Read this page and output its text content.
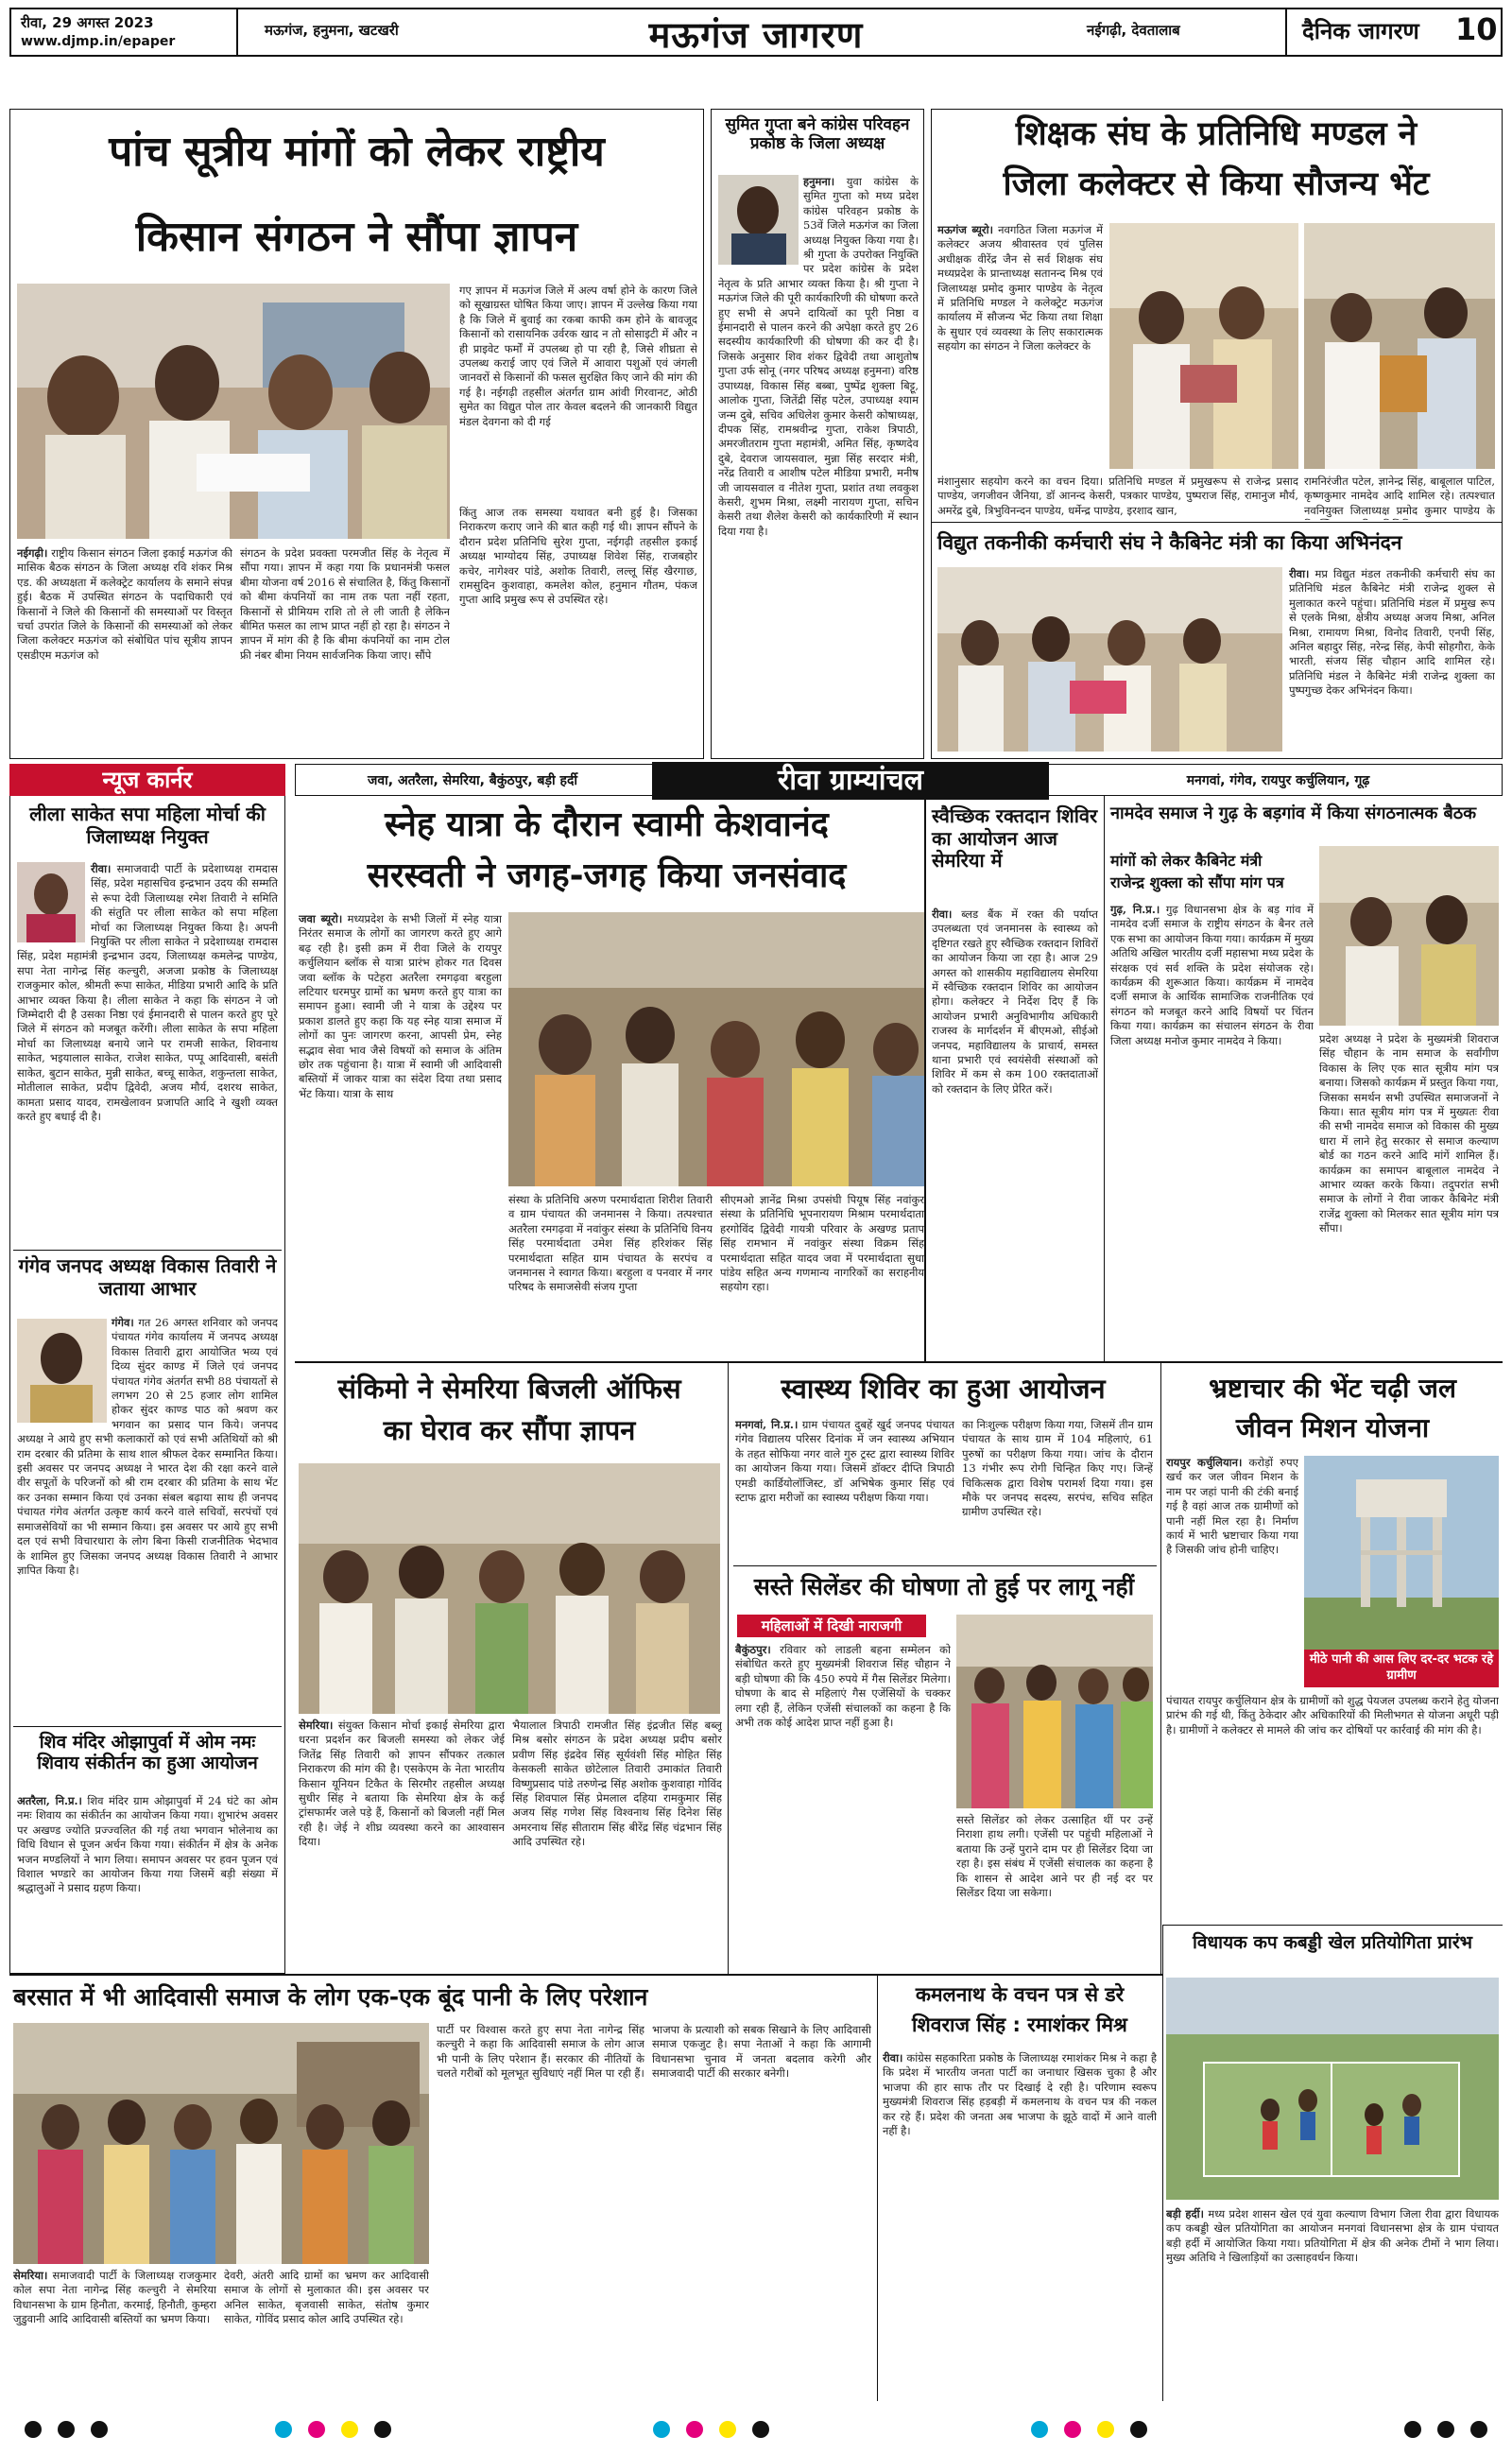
रीवा, 29 अगस्त 2023
www.djmp.in/epaper
मऊगंज, हनुमना, खटखरी	मऊगंज जागरण	नईगढ़ी, देवतालाब	दैनिक जागरण 10
पांच सूत्रीय मांगों को लेकर राष्ट्रीय
किसान संगठन ने सौंपा ज्ञापन
नईगढ़ी। राष्ट्रीय किसान संगठन जिला इकाई मऊगंज की मासिक बैठक संगठन के जिला अध्यक्ष रवि शंकर मिश्र एड. की अध्यक्षता में कलेक्ट्रेट कार्यालय के समाने संपन्न हुई। बैठक में उपस्थित संगठन के पदाधिकारी एवं किसानों ने जिले की किसानों की समस्याओं पर विस्तृत चर्चा उपरांत जिले के किसानों की समस्याओं को लेकर जिला कलेक्टर मऊगंज को संबोधित पांच सूत्रीय ज्ञापन एसडीएम मऊगंज को
संगठन के प्रदेश प्रवक्ता परमजीत सिंह के नेतृत्व में सौंपा गया। ज्ञापन में कहा गया कि प्रधानमंत्री फसल बीमा योजना वर्ष 2016 से संचालित है, किंतु किसानों को बीमा कंपनियों का नाम तक पता नहीं रहता, किसानों से प्रीमियम राशि तो ले ली जाती है लेकिन बीमित फसल का लाभ प्राप्त नहीं हो रहा है। संगठन ने ज्ञापन में मांग की है कि बीमा कंपनियों का नाम टोल फ्री नंबर बीमा नियम सार्वजनिक किया जाए। सौंपे
गए ज्ञापन में मऊगंज जिले में अल्प वर्षा होने के कारण जिले को सूखाग्रस्त घोषित किया जाए। ज्ञापन में उल्लेख किया गया है कि जिले में बुवाई का रकबा काफी कम होने के बावजूद किसानों को रासायनिक उर्वरक खाद न तो सोसाइटी में और न ही प्राइवेट फर्मों में उपलब्ध हो पा रही है, जिसे शीघ्रता से उपलब्ध कराई जाए एवं जिले में आवारा पशुओं एवं जंगली जानवरों से किसानों की फसल सुरक्षित किए जाने की मांग की गई है। नईगढ़ी तहसील अंतर्गत ग्राम आंवी गिरवानट, ओठी सुमेत का विद्युत पोल तार केवल बदलने की जानकारी विद्युत मंडल देवगना को दी गई
किंतु आज तक समस्या यथावत बनी हुई है। जिसका निराकरण कराए जाने की बात कही गई थी। ज्ञापन सौंपने के दौरान प्रदेश प्रतिनिधि सुरेश गुप्ता, नईगढ़ी तहसील इकाई अध्यक्ष भाग्योदय सिंह, उपाध्यक्ष शिवेश सिंह, राजबहोर कचेर, नागेश्वर पांडे, अशोक तिवारी, लल्लू सिंह खैरगाछ, रामसुदिन कुशवाहा, कमलेश कोल, हनुमान गौतम, पंकज गुप्ता आदि प्रमुख रूप से उपस्थित रहे।
सुमित गुप्ता बने कांग्रेस परिवहन प्रकोष्ठ के जिला अध्यक्ष
हनुमना। युवा कांग्रेस के सुमित गुप्ता को मध्य प्रदेश कांग्रेस परिवहन प्रकोष्ठ के 53वें जिले मऊगंज का जिला अध्यक्ष नियुक्त किया गया है। श्री गुप्ता के उपरोक्त नियुक्ति पर प्रदेश कांग्रेस के प्रदेश नेतृत्व के प्रति आभार व्यक्त किया है। श्री गुप्ता ने मऊगंज जिले की पूरी कार्यकारिणी की घोषणा करते हुए सभी से अपने दायित्वों का पूरी निष्ठा व ईमानदारी से पालन करने की अपेक्षा करते हुए 26 सदस्यीय कार्यकारिणी की घोषणा की कर दी है। जिसके अनुसार शिव शंकर द्विवेदी तथा आशुतोष गुप्ता उर्फ सोनू (नगर परिषद अध्यक्ष हनुमना) वरिष्ठ उपाध्यक्ष, विकास सिंह बब्बा, पुष्पेंद्र शुक्ला बिट्टू, आलोक गुप्ता, जितेंद्री सिंह पटेल, उपाध्यक्ष श्याम जन्म दुबे, सचिव अधिलेश कुमार केसरी कोषाध्यक्ष, दीपक सिंह, रामश्रवीन्द्र गुप्ता, राकेश त्रिपाठी, अमरजीतराम गुप्ता महामंत्री, अमित सिंह, कृष्णदेव दुबे, देवराज जायसवाल, मुन्ना सिंह सरदार मंत्री, नरेंद्र तिवारी व आशीष पटेल मीडिया प्रभारी, मनीष जी जायसवाल व नीतेश गुप्ता, प्रशांत तथा लवकुश केसरी, शुभम मिश्रा, लक्ष्मी नारायण गुप्ता, सचिन केसरी तथा शैलेश केसरी को कार्यकारिणी में स्थान दिया गया है।
शिक्षक संघ के प्रतिनिधि मण्डल ने
जिला कलेक्टर से किया सौजन्य भेंट
मऊगंज ब्यूरो। नवगठित जिला मऊगंज में कलेक्टर अजय श्रीवास्तव एवं पुलिस अधीक्षक वीरेंद्र जैन से सर्व शिक्षक संघ मध्यप्रदेश के प्रान्ताध्यक्ष सतानन्द मिश्र एवं जिलाध्यक्ष प्रमोद कुमार पाण्डेय के नेतृत्व में प्रतिनिधि मण्डल ने कलेक्ट्रेट मऊगंज कार्यालय में सौजन्य भेंट किया तथा शिक्षा के सुधार एवं व्यवस्था के लिए सकारात्मक सहयोग का संगठन ने जिला कलेक्टर के
मंशानुसार सहयोग करने का वचन दिया। प्रतिनिधि मण्डल में प्रमुखरूप से राजेन्द्र प्रसाद पाण्डेय, जगजीवन जैनिया, डॉ आनन्द केसरी, पत्रकार पाण्डेय, पुष्पराज सिंह, रामानुज मौर्य, अमरेंद्र दुबे, त्रिभुविनन्दन पाण्डेय, धर्मेन्द्र पाण्डेय, इरशाद खान,
रामनिरंजीत पटेल, ज्ञानेन्द्र सिंह, बाबूलाल पाटिल, कृष्णकुमार नामदेव आदि शामिल रहे। तत्पश्चात नवनियुक्त जिलाध्यक्ष प्रमोद कुमार पाण्डेय के
विद्युत तकनीकी कर्मचारी संघ ने कैबिनेट मंत्री का किया अभिनंदन
रीवा। मप्र विद्युत मंडल तकनीकी कर्मचारी संघ का प्रतिनिधि मंडल कैबिनेट मंत्री राजेन्द्र शुक्ल से मुलाकात करने पहुंचा। प्रतिनिधि मंडल में प्रमुख रूप से एलके मिश्रा, क्षेत्रीय अध्यक्ष अजय मिश्रा, अनिल मिश्रा, रामायण मिश्रा, विनोद तिवारी, एनपी सिंह, अनिल बहादुर सिंह, नरेन्द्र सिंह, केपी सोहगौरा, केके भारती, संजय सिंह चौहान आदि शामिल रहे। प्रतिनिधि मंडल ने कैबिनेट मंत्री राजेन्द्र शुक्ला का पुष्पगुच्छ देकर अभिनंदन किया।
न्यूज कार्नर	जवा, अतरैला, सेमरिया, बैकुंठपुर, बड़ी हर्दी	रीवा ग्राम्यांचल	मनगवां, गंगेव, रायपुर कर्चुलियान, गूढ़
लीला साकेत सपा महिला मोर्चा की जिलाध्यक्ष नियुक्त
रीवा। समाजवादी पार्टी के प्रदेशाध्यक्ष रामदास सिंह, प्रदेश महासचिव इन्द्रभान उदय की सम्मति से रूपा देवी जिलाध्यक्ष रमेश तिवारी ने समिति की संतुति पर लीला साकेत को सपा महिला मोर्चा का जिलाध्यक्ष नियुक्त किया है। अपनी नियुक्ति पर लीला साकेत ने प्रदेशाध्यक्ष रामदास सिंह, प्रदेश महामंत्री इन्द्रभान उदय, जिलाध्यक्ष कमलेन्द्र पाण्डेय, सपा नेता नागेन्द्र सिंह कल्चुरी, अजजा प्रकोष्ठ के जिलाध्यक्ष राजकुमार कोल, श्रीमती रूपा साकेत, मीडिया प्रभारी आदि के प्रति आभार व्यक्त किया है। लीला साकेत ने कहा कि संगठन ने जो जिम्मेदारी दी है उसका निष्ठा एवं ईमानदारी से पालन करते हुए पूरे जिले में संगठन को मजबूत करेंगी। लीला साकेत के सपा महिला मोर्चा का जिलाध्यक्ष बनाये जाने पर रामजी साकेत, शिवनाथ साकेत, भइयालाल साकेत, राजेश साकेत, पप्पू आदिवासी, बसंती साकेत, बुटान साकेत, मुन्नी साकेत, बच्चू साकेत, शकुन्तला साकेत, मोतीलाल साकेत, प्रदीप द्विवेदी, अजय मौर्य, दशरथ साकेत, कामता प्रसाद यादव, रामखेलावन प्रजापति आदि ने खुशी व्यक्त करते हुए बधाई दी है।
गंगेव जनपद अध्यक्ष विकास तिवारी ने जताया आभार
गंगेव। गत 26 अगस्त शनिवार को जनपद पंचायत गंगेव कार्यालय में जनपद अध्यक्ष विकास तिवारी द्वारा आयोजित भव्य एवं दिव्य सुंदर काण्ड में जिले एवं जनपद पंचायत गंगेव अंतर्गत सभी 88 पंचायतों से लगभग 20 से 25 हजार लोग शामिल होकर सुंदर काण्ड पाठ को श्रवण कर भगवान का प्रसाद पान किये। जनपद अध्यक्ष ने आये हुए सभी कलाकारों को एवं सभी अतिथियों को श्री राम दरबार की प्रतिमा के साथ शाल श्रीफल देकर सम्मानित किया। इसी अवसर पर जनपद अध्यक्ष ने भारत देश की रक्षा करने वाले वीर सपूतों के परिजनों को श्री राम दरबार की प्रतिमा के साथ भेंट कर उनका सम्मान किया एवं उनका संबल बढ़ाया साथ ही जनपद पंचायत गंगेव अंतर्गत उत्कृष्ट कार्य करने वाले सचिवों, सरपंचों एवं समाजसेवियों का भी सम्मान किया। इस अवसर पर आये हुए सभी दल एवं सभी विचारधारा के लोग बिना किसी राजनीतिक भेदभाव के शामिल हुए जिसका जनपद अध्यक्ष विकास तिवारी ने आभार ज्ञापित किया है।
शिव मंदिर ओझापुर्वा में ओम नमः शिवाय संकीर्तन का हुआ आयोजन
अतरैला, नि.प्र.। शिव मंदिर ग्राम ओझापुर्वा में 24 घंटे का ओम नमः शिवाय का संकीर्तन का आयोजन किया गया। शुभारंभ अवसर पर अखण्ड ज्योति प्रज्ज्वलित की गई तथा भगवान भोलेनाथ का विधि विधान से पूजन अर्चन किया गया। संकीर्तन में क्षेत्र के अनेक भजन मण्डलियों ने भाग लिया। समापन अवसर पर हवन पूजन एवं विशाल भण्डारे का आयोजन किया गया जिसमें बड़ी संख्या में श्रद्धालुओं ने प्रसाद ग्रहण किया।
स्नेह यात्रा के दौरान स्वामी केशवानंद
सरस्वती ने जगह-जगह किया जनसंवाद
जवा ब्यूरो। मध्यप्रदेश के सभी जिलों में स्नेह यात्रा निरंतर समाज के लोगों का जागरण करते हुए आगे बढ़ रही है। इसी क्रम में रीवा जिले के रायपुर कर्चुलियान ब्लॉक से यात्रा प्रारंभ होकर गत दिवस जवा ब्लॉक के पटेहरा अतरैला रमगढ़वा बरहुला लटियार धरमपुर ग्रामों का भ्रमण करते हुए यात्रा का समापन हुआ। स्वामी जी ने यात्रा के उद्देश्य पर प्रकाश डालते हुए कहा कि यह स्नेह यात्रा समाज में लोगों का पुनः जागरण करना, आपसी प्रेम, स्नेह सद्भाव सेवा भाव जैसे विषयों को समाज के अंतिम छोर तक पहुंचाना है। यात्रा में स्वामी जी आदिवासी बस्तियों में जाकर यात्रा का संदेश दिया तथा प्रसाद भेंट किया। यात्रा के साथ
संस्था के प्रतिनिधि अरुण परमार्थदाता शिरीश तिवारी व ग्राम पंचायत की जनमानस ने किया। तत्पश्चात अतरैला रमगढ़वा में नवांकुर संस्था के प्रतिनिधि विनय सिंह परमार्थदाता उमेश सिंह हरिशंकर सिंह परमार्थदाता सहित ग्राम पंचायत के सरपंच व जनमानस ने स्वागत किया। बरहुला व पनवार में नगर परिषद के समाजसेवी संजय गुप्ता
सीएमओ ज्ञानेंद्र मिश्रा उपसंघी पियूष सिंह नवांकुर संस्था के प्रतिनिधि भूपनारायण मिश्राम परमार्थदाता हरगोविंद द्विवेदी गायत्री परिवार के अखण्ड प्रताप सिंह रामभान में नवांकुर संस्था विक्रम सिंह परमार्थदाता सहित यादव जवा में परमार्थदाता सुधा पांडेय सहित अन्य गणमान्य नागरिकों का सराहनीय सहयोग रहा।
स्वैच्छिक रक्तदान शिविर का आयोजन आज सेमरिया में
रीवा। ब्लड बैंक में रक्त की पर्याप्त उपलब्धता एवं जनमानस के स्वास्थ्य को दृष्टिगत रखते हुए स्वैच्छिक रक्तदान शिविरों का आयोजन किया जा रहा है। आज 29 अगस्त को शासकीय महाविद्यालय सेमरिया में स्वैच्छिक रक्तदान शिविर का आयोजन होगा। कलेक्टर ने निर्देश दिए हैं कि आयोजन प्रभारी अनुविभागीय अधिकारी राजस्व के मार्गदर्शन में बीएमओ, सीईओ जनपद, महाविद्यालय के प्राचार्य, समस्त थाना प्रभारी एवं स्वयंसेवी संस्थाओं को शिविर में कम से कम 100 रक्तदाताओं को रक्तदान के लिए प्रेरित करें।
नामदेव समाज ने गुढ़ के बड़गांव में किया संगठनात्मक बैठक
मांगों को लेकर कैबिनेट मंत्री
राजेन्द्र शुक्ला को सौंपा मांग पत्र
गुढ़, नि.प्र.। गुढ़ विधानसभा क्षेत्र के बड़ गांव में नामदेव दर्जी समाज के राष्ट्रीय संगठन के बैनर तले एक सभा का आयोजन किया गया। कार्यक्रम में मुख्य अतिथि अखिल भारतीय दर्जी महासभा मध्य प्रदेश के संरक्षक एवं सर्व शक्ति के प्रदेश संयोजक रहे। कार्यक्रम की शुरूआत किया। कार्यक्रम में नामदेव दर्जी समाज के आर्थिक सामाजिक राजनीतिक एवं संगठन को मजबूत करने आदि विषयों पर चिंतन किया गया। कार्यक्रम का संचालन संगठन के रीवा जिला अध्यक्ष मनोज कुमार नामदेव ने किया।	प्रदेश अध्यक्ष ने प्रदेश के मुख्यमंत्री शिवराज सिंह चौहान के नाम समाज के सर्वांगीण विकास के लिए एक सात सूत्रीय मांग पत्र बनाया। जिसको कार्यक्रम में प्रस्तुत किया गया, जिसका समर्थन सभी उपस्थित समाजजनों ने किया। सात सूत्रीय मांग पत्र में मुख्यतः रीवा की सभी नामदेव समाज को विकास की मुख्य धारा में लाने हेतु सरकार से समाज कल्याण बोर्ड का गठन करने आदि मांगें शामिल हैं। कार्यक्रम का समापन बाबूलाल नामदेव ने आभार व्यक्त करके किया। तदुपरांत सभी समाज के लोगों ने रीवा जाकर कैबिनेट मंत्री राजेंद्र शुक्ला को मिलकर सात सूत्रीय मांग पत्र सौंपा।
संकिमो ने सेमरिया बिजली ऑफिस
का घेराव कर सौंपा ज्ञापन
सेमरिया। संयुक्त किसान मोर्चा इकाई सेमरिया द्वारा धरना प्रदर्शन कर बिजली समस्या को लेकर जेई जितेंद्र सिंह तिवारी को ज्ञापन सौंपकर तत्काल निराकरण की मांग की है। एसकेएम के नेता भारतीय किसान यूनियन टिकैत के सिरमौर तहसील अध्यक्ष सुधीर सिंह ने बताया कि सेमरिया क्षेत्र के कई ट्रांसफार्मर जले पड़े हैं, किसानों को बिजली नहीं मिल रही है। जेई ने शीघ्र व्यवस्था करने का आश्वासन दिया।
भैयालाल त्रिपाठी रामजीत सिंह इंद्रजीत सिंह बब्लू मिश्र बसोर संगठन के प्रदेश अध्यक्ष प्रदीप बसोर प्रवीण सिंह इंद्रदेव सिंह सूर्यवंशी सिंह मोहित सिंह केसकली साकेत छोटेलाल तिवारी उमाकांत तिवारी विष्णुप्रसाद पांडे तरुणेन्द्र सिंह अशोक कुशवाहा गोविंद सिंह शिवपाल सिंह प्रेमलाल दहिया रामकुमार सिंह अजय सिंह गणेश सिंह विश्वनाथ सिंह दिनेश सिंह अमरनाथ सिंह सीताराम सिंह बीरेंद्र सिंह चंद्रभान सिंह आदि उपस्थित रहे।
स्वास्थ्य शिविर का हुआ आयोजन
मनगवां, नि.प्र.। ग्राम पंचायत दुबहें खुर्द जनपद पंचायत गंगेव विद्यालय परिसर दिनांक में जन स्वास्थ्य अभियान के तहत सोफिया नगर वाले गुरु ट्रस्ट द्वारा स्वास्थ्य शिविर का आयोजन किया गया। जिसमें डॉक्टर दीप्ति त्रिपाठी एमडी कार्डियोलॉजिस्ट, डॉ अभिषेक कुमार सिंह एवं स्टाफ द्वारा मरीजों का स्वास्थ्य परीक्षण किया गया।
का निःशुल्क परीक्षण किया गया, जिसमें तीन ग्राम पंचायत के साथ ग्राम में 104 महिलाएं, 61 पुरुषों का परीक्षण किया गया। जांच के दौरान 13 गंभीर रूप रोगी चिन्हित किए गए। जिन्हें चिकित्सक द्वारा विशेष परामर्श दिया गया। इस मौके पर जनपद सदस्य, सरपंच, सचिव सहित ग्रामीण उपस्थित रहे।
सस्ते सिलेंडर की घोषणा तो हुई पर लागू नहीं
महिलाओं में दिखी नाराजगी
बैकुंठपुर। रविवार को लाडली बहना सम्मेलन को संबोधित करते हुए मुख्यमंत्री शिवराज सिंह चौहान ने बड़ी घोषणा की कि 450 रुपये में गैस सिलेंडर मिलेगा। घोषणा के बाद से महिलाएं गैस एजेंसियों के चक्कर लगा रही हैं, लेकिन एजेंसी संचालकों का कहना है कि अभी तक कोई आदेश प्राप्त नहीं हुआ है।
सस्ते सिलेंडर को लेकर उत्साहित थीं पर उन्हें निराशा हाथ लगी। एजेंसी पर पहुंची महिलाओं ने बताया कि उन्हें पुराने दाम पर ही सिलेंडर दिया जा रहा है। इस संबंध में एजेंसी संचालक का कहना है कि शासन से आदेश आने पर ही नई दर पर सिलेंडर दिया जा सकेगा।
भ्रष्टाचार की भेंट चढ़ी जल
जीवन मिशन योजना
रायपुर कर्चुलियान। करोड़ों रुपए खर्च कर जल जीवन मिशन के नाम पर जहां पानी की टंकी बनाई गई है वहां आज तक ग्रामीणों को पानी नहीं मिल रहा है। निर्माण कार्य में भारी भ्रष्टाचार किया गया है जिसकी जांच होनी चाहिए।
मीठे पानी की आस लिए दर-दर भटक रहे ग्रामीण
पंचायत रायपुर कर्चुलियान क्षेत्र के ग्रामीणों को शुद्ध पेयजल उपलब्ध कराने हेतु योजना प्रारंभ की गई थी, किंतु ठेकेदार और अधिकारियों की मिलीभगत से योजना अधूरी पड़ी है। ग्रामीणों ने कलेक्टर से मामले की जांच कर दोषियों पर कार्रवाई की मांग की है।
विधायक कप कबड्डी खेल प्रतियोगिता प्रारंभ
बड़ी हर्दी। मध्य प्रदेश शासन खेल एवं युवा कल्याण विभाग जिला रीवा द्वारा विधायक कप कबड्डी खेल प्रतियोगिता का आयोजन मनगवां विधानसभा क्षेत्र के ग्राम पंचायत बड़ी हर्दी में आयोजित किया गया। प्रतियोगिता में क्षेत्र की अनेक टीमों ने भाग लिया। मुख्य अतिथि ने खिलाड़ियों का उत्साहवर्धन किया।
बरसात में भी आदिवासी समाज के लोग एक-एक बूंद पानी के लिए परेशान
सेमरिया। समाजवादी पार्टी के जिलाध्यक्ष राजकुमार कोल सपा नेता नागेन्द्र सिंह कल्चुरी ने सेमरिया विधानसभा के ग्राम हिनौता, करमाई, हिनौती, कुम्हरा जुडुवानी आदि आदिवासी बस्तियों का भ्रमण किया।
देवरी, अंतरी आदि ग्रामों का भ्रमण कर आदिवासी समाज के लोगों से मुलाकात की। इस अवसर पर अनिल साकेत, बृजवासी साकेत, संतोष कुमार साकेत, गोविंद प्रसाद कोल आदि उपस्थित रहे।
पार्टी पर विश्वास करते हुए सपा नेता नागेन्द्र सिंह कल्चुरी ने कहा कि आदिवासी समाज के लोग आज भी पानी के लिए परेशान हैं। सरकार की नीतियों के चलते गरीबों को मूलभूत सुविधाएं नहीं मिल पा रही हैं।
भाजपा के प्रत्याशी को सबक सिखाने के लिए आदिवासी समाज एकजुट है। सपा नेताओं ने कहा कि आगामी विधानसभा चुनाव में जनता बदलाव करेगी और समाजवादी पार्टी की सरकार बनेगी।
कमलनाथ के वचन पत्र से डरे
शिवराज सिंह : रमाशंकर मिश्र
रीवा। कांग्रेस सहकारिता प्रकोष्ठ के जिलाध्यक्ष रमाशंकर मिश्र ने कहा है कि प्रदेश में भारतीय जनता पार्टी का जनाधार खिसक चुका है और भाजपा की हार साफ तौर पर दिखाई दे रही है। परिणाम स्वरूप मुख्यमंत्री शिवराज सिंह हड़बड़ी में कमलनाथ के वचन पत्र की नकल कर रहे हैं। प्रदेश की जनता अब भाजपा के झूठे वादों में आने वाली नहीं है।
